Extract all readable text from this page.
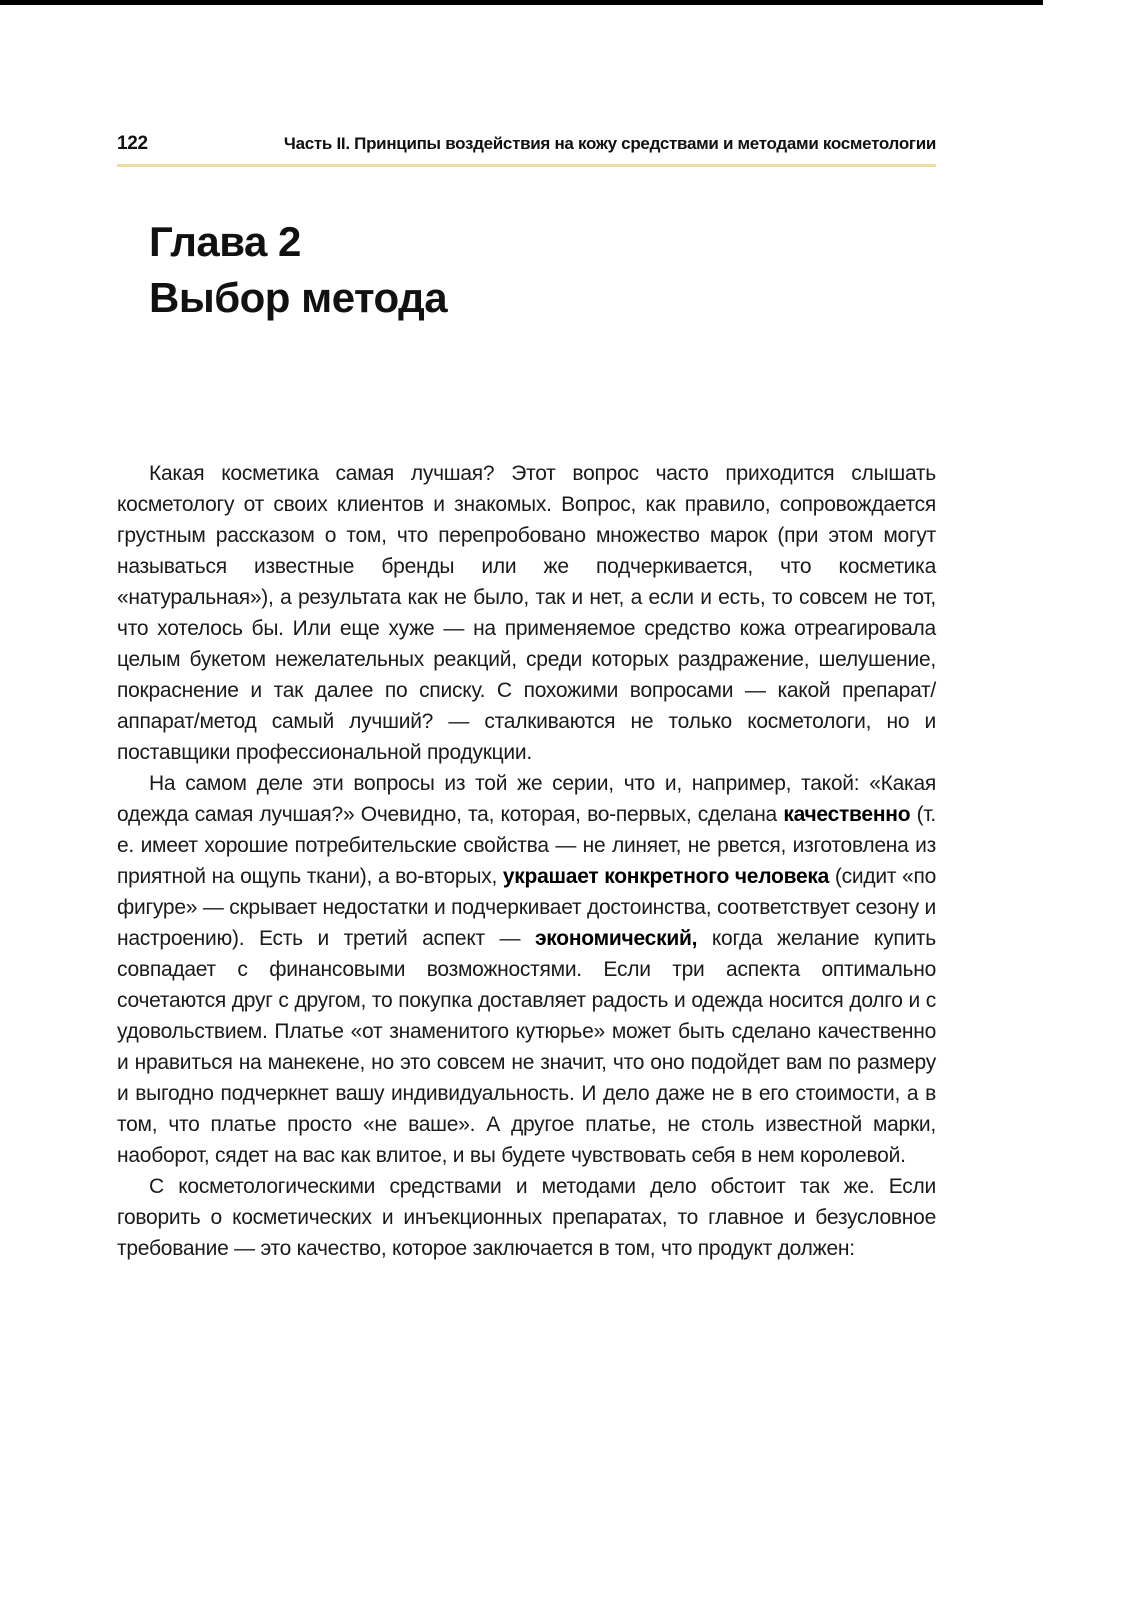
122	Часть II. Принципы воздействия на кожу средствами и методами косметологии
Глава 2
Выбор метода

Какая косметика самая лучшая? Этот вопрос часто приходится слышать косметологу от своих клиентов и знакомых. Вопрос, как правило, сопровождается грустным рассказом о том, что перепробовано множество марок (при этом могут называться известные бренды или же подчеркивается, что косметика «натуральная»), а результата как не было, так и нет, а если и есть, то совсем не тот, что хотелось бы. Или еще хуже — на применяемое средство кожа отреагировала целым букетом нежелательных реакций, среди которых раздражение, шелушение, покраснение и так далее по списку. С похожими вопросами — какой препарат/аппарат/метод самый лучший? — сталкиваются не только косметологи, но и поставщики профессиональной продукции.

На самом деле эти вопросы из той же серии, что и, например, такой: «Какая одежда самая лучшая?» Очевидно, та, которая, во-первых, сделана качественно (т. е. имеет хорошие потребительские свойства — не линяет, не рвется, изготовлена из приятной на ощупь ткани), а во-вторых, украшает конкретного человека (сидит «по фигуре» — скрывает недостатки и подчеркивает достоинства, соответствует сезону и настроению). Есть и третий аспект — экономический, когда желание купить совпадает с финансовыми возможностями. Если три аспекта оптимально сочетаются друг с другом, то покупка доставляет радость и одежда носится долго и с удовольствием. Платье «от знаменитого кутюрье» может быть сделано качественно и нравиться на манекене, но это совсем не значит, что оно подойдет вам по размеру и выгодно подчеркнет вашу индивидуальность. И дело даже не в его стоимости, а в том, что платье просто «не ваше». А другое платье, не столь известной марки, наоборот, сядет на вас как влитое, и вы будете чувствовать себя в нем королевой.

С косметологическими средствами и методами дело обстоит так же. Если говорить о косметических и инъекционных препаратах, то главное и безусловное требование — это качество, которое заключается в том, что продукт должен:
